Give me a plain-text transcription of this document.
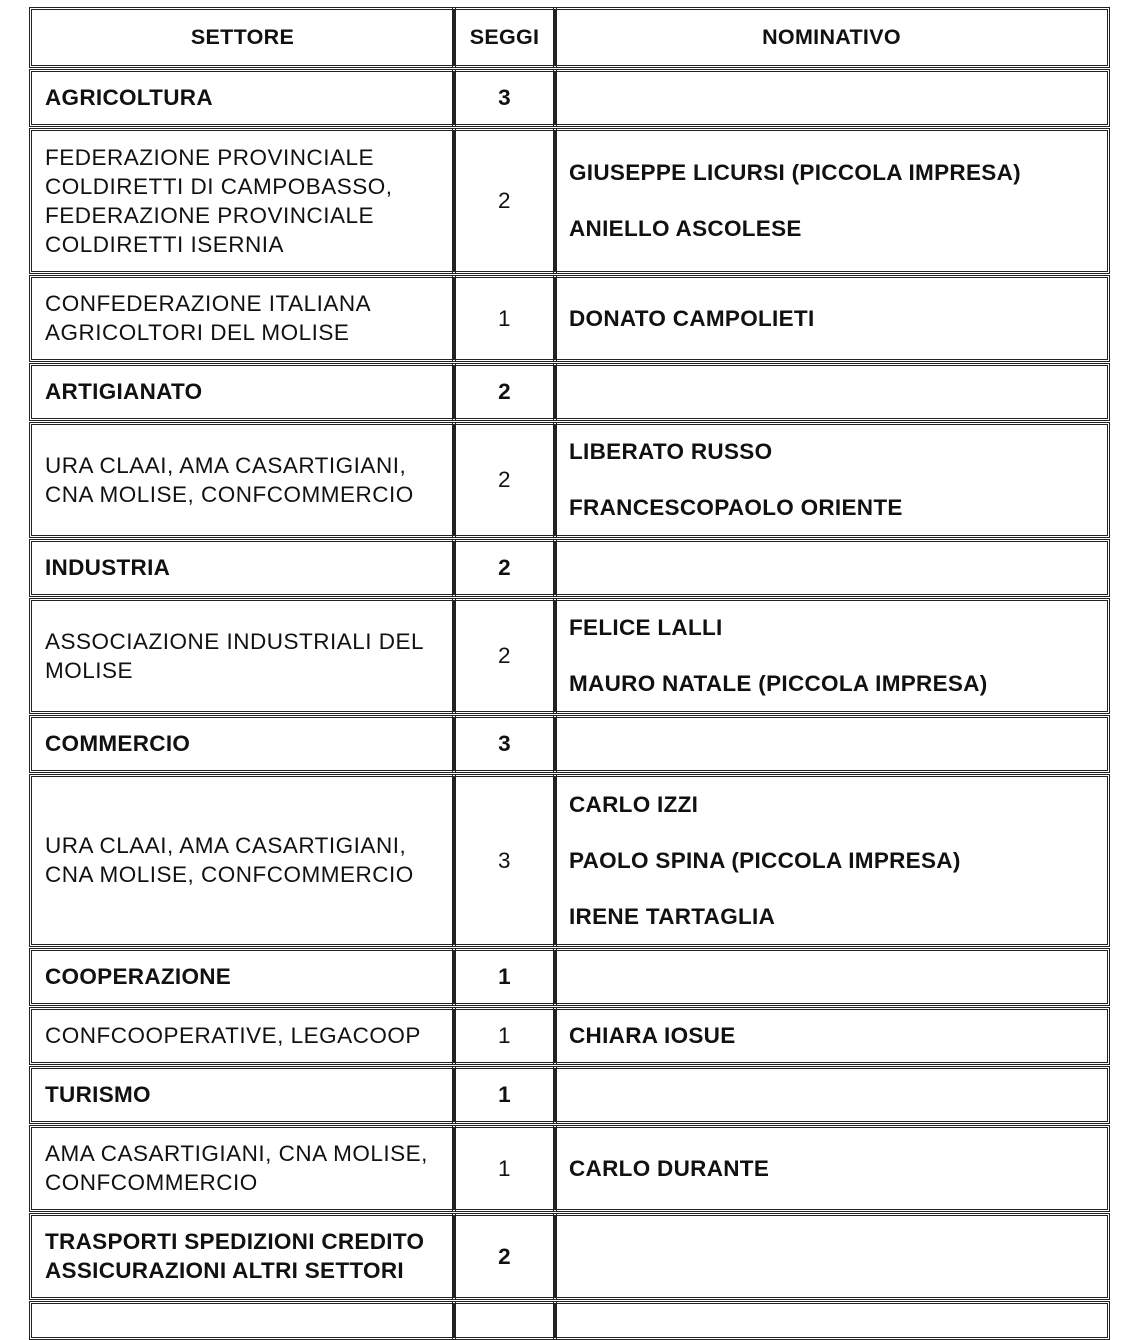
SETTORE	SEGGI	NOMINATIVO

AGRICOLTURA	3	

FEDERAZIONE PROVINCIALE COLDIRETTI DI CAMPOBASSO, FEDERAZIONE PROVINCIALE COLDIRETTI ISERNIA	2	GIUSEPPE LICURSI (PICCOLA IMPRESA)
ANIELLO ASCOLESE

CONFEDERAZIONE ITALIANA AGRICOLTORI DEL MOLISE	1	DONATO CAMPOLIETI

ARTIGIANATO	2	

URA CLAAI, AMA CASARTIGIANI, CNA MOLISE, CONFCOMMERCIO	2	LIBERATO RUSSO
FRANCESCOPAOLO ORIENTE

INDUSTRIA	2	

ASSOCIAZIONE INDUSTRIALI DEL MOLISE	2	FELICE LALLI
MAURO NATALE (PICCOLA IMPRESA)

COMMERCIO	3	

URA CLAAI, AMA CASARTIGIANI, CNA MOLISE, CONFCOMMERCIO	3	CARLO IZZI
PAOLO SPINA (PICCOLA IMPRESA)
IRENE TARTAGLIA

COOPERAZIONE	1	

CONFCOOPERATIVE, LEGACOOP	1	CHIARA IOSUE

TURISMO	1	

AMA CASARTIGIANI, CNA MOLISE, CONFCOMMERCIO	1	CARLO DURANTE

TRASPORTI SPEDIZIONI CREDITO ASSICURAZIONI ALTRI SETTORI	2	
